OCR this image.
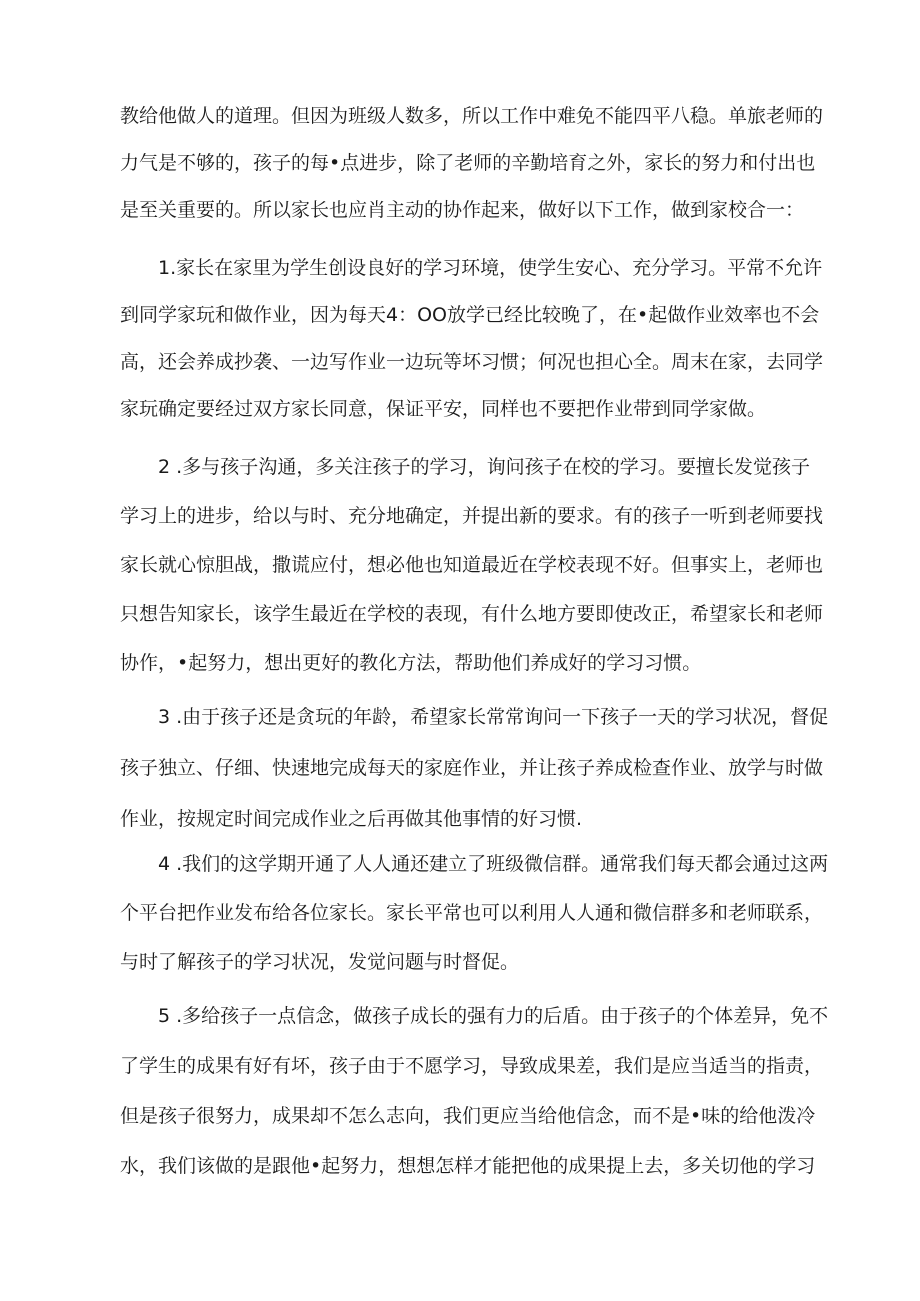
教给他做人的道理。但因为班级人数多，所以工作中难免不能四平八稳。单旅老师的
力气是不够的，孩子的每•点进步，除了老师的辛勤培育之外，家长的努力和付出也
是至关重要的。所以家长也应肖主动的协作起来，做好以下工作，做到家校合一：
1.家长在家里为学生创设良好的学习环境，使学生安心、充分学习。平常不允许
到同学家玩和做作业，因为每天4：OO放学已经比较晚了，在•起做作业效率也不会
高，还会养成抄袭、一边写作业一边玩等坏习惯；何况也担心全。周末在家，去同学
家玩确定要经过双方家长同意，保证平安，同样也不要把作业带到同学家做。
2 .多与孩子沟通，多关注孩子的学习，询问孩子在校的学习。要擅长发觉孩子
学习上的进步，给以与时、充分地确定，并提出新的要求。有的孩子一听到老师要找
家长就心惊胆战，撒谎应付，想必他也知道最近在学校表现不好。但事实上，老师也
只想告知家长，该学生最近在学校的表现，有什么地方要即使改正，希望家长和老师
协作，•起努力，想出更好的教化方法，帮助他们养成好的学习习惯。
3 .由于孩子还是贪玩的年龄，希望家长常常询问一下孩子一天的学习状况，督促
孩子独立、仔细、快速地完成每天的家庭作业，并让孩子养成检查作业、放学与时做
作业，按规定时间完成作业之后再做其他事情的好习惯.
4 .我们的这学期开通了人人通还建立了班级微信群。通常我们每天都会通过这两
个平台把作业发布给各位家长。家长平常也可以利用人人通和微信群多和老师联系，
与时了解孩子的学习状况，发觉问题与时督促。
5 .多给孩子一点信念，做孩子成长的强有力的后盾。由于孩子的个体差异，免不
了学生的成果有好有坏，孩子由于不愿学习，导致成果差，我们是应当适当的指责，
但是孩子很努力，成果却不怎么志向，我们更应当给他信念，而不是•味的给他泼冷
水，我们该做的是跟他•起努力，想想怎样才能把他的成果提上去，多关切他的学习
